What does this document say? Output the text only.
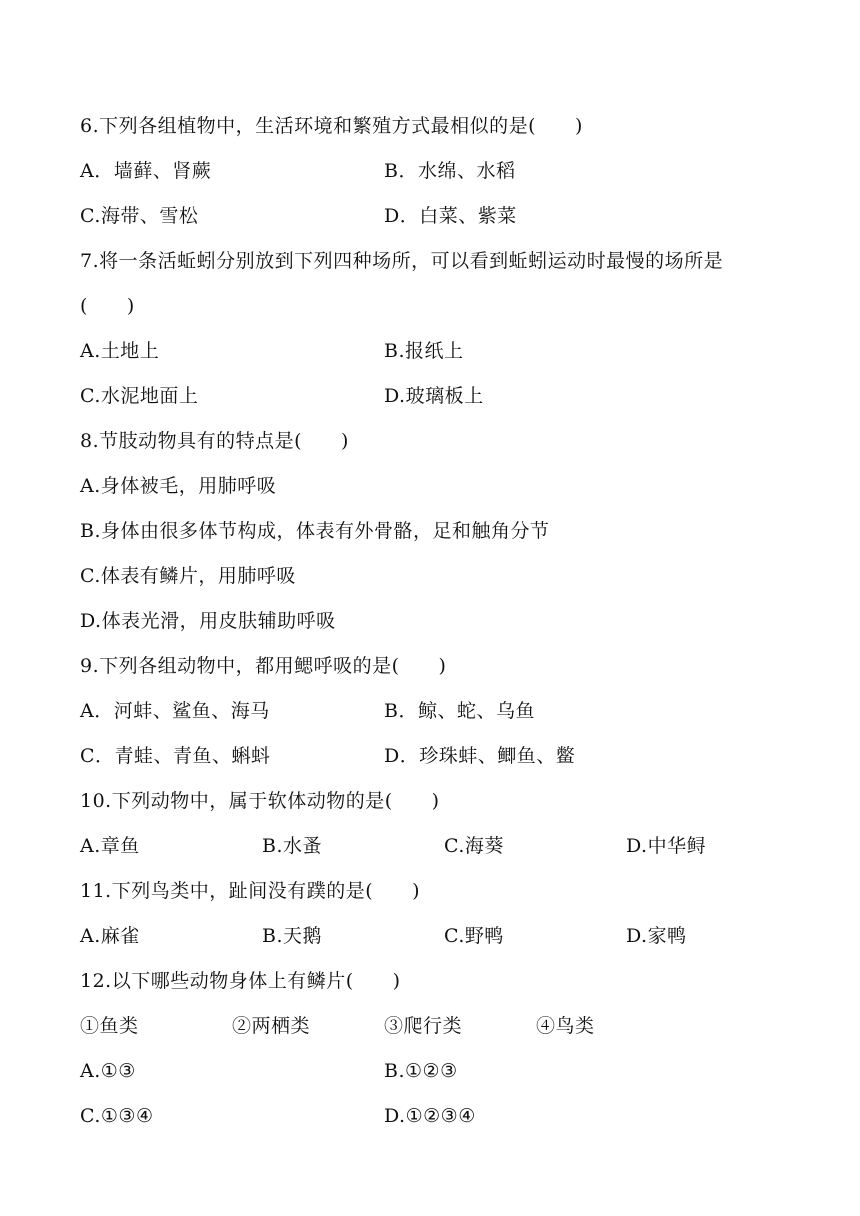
6.下列各组植物中，生活环境和繁殖方式最相似的是(　　)
A．墙藓、肾蕨	B．水绵、水稻
C.海带、雪松	D．白菜、紫菜
7.将一条活蚯蚓分别放到下列四种场所，可以看到蚯蚓运动时最慢的场所是
(　　)
A.土地上	B.报纸上
C.水泥地面上	D.玻璃板上
8.节肢动物具有的特点是(　　)
A.身体被毛，用肺呼吸
B.身体由很多体节构成，体表有外骨骼，足和触角分节
C.体表有鳞片，用肺呼吸
D.体表光滑，用皮肤辅助呼吸
9.下列各组动物中，都用鳃呼吸的是(　　)
A．河蚌、鲨鱼、海马	B．鲸、蛇、乌鱼
C．青蛙、青鱼、蝌蚪	D．珍珠蚌、鲫鱼、鳖
10.下列动物中，属于软体动物的是(　　)
A.章鱼	B.水蚤	C.海葵	D.中华鲟
11.下列鸟类中，趾间没有蹼的是(　　)
A.麻雀	B.天鹅	C.野鸭	D.家鸭
12.以下哪些动物身体上有鳞片(　　)
①鱼类	②两栖类	③爬行类	④鸟类
A.①③	B.①②③
C.①③④	D.①②③④
